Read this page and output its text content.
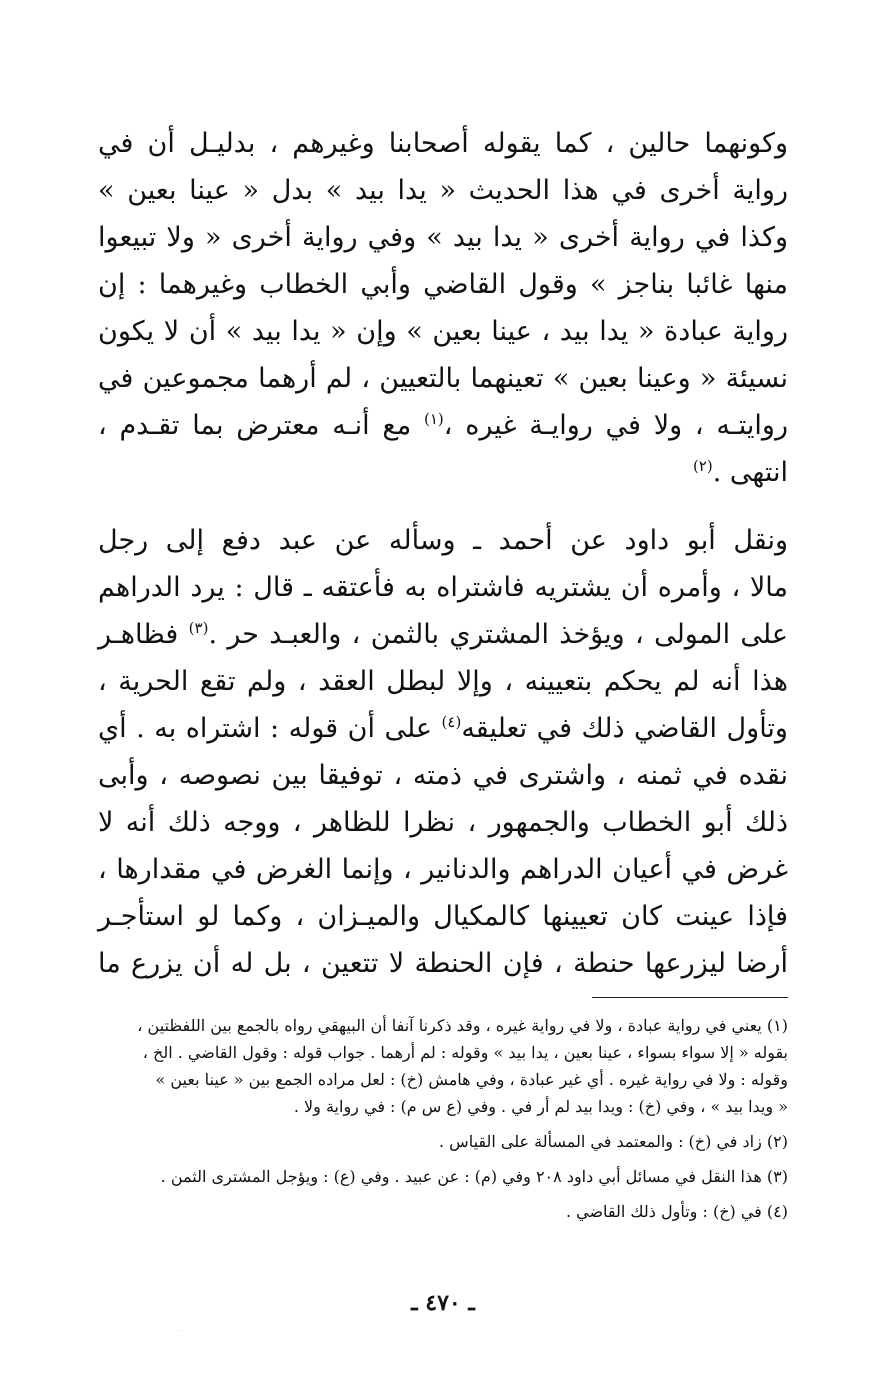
وكونهما حالين ، كما يقوله أصحابنا وغيرهم ، بدليـل أن في
رواية أخرى في هذا الحديث « يدا بيد » بدل « عينا بعين »
وكذا في رواية أخرى « يدا بيد » وفي رواية أخرى « ولا تبيعوا
منها غائبا بناجز » وقول القاضي وأبي الخطاب وغيرهما : إن
رواية عبادة « يدا بيد ، عينا بعين » وإن « يدا بيد » أن لا يكون
نسيئة « وعينا بعين » تعينهما بالتعيين ، لم أرهما مجموعين في
روايتـه ، ولا في روايـة غيره ،$^{(١)}$ مع أنـه معترض بما تقـدم ،
انتهى .$^{(٢)}$
ونقل أبو داود عن أحمد ـ وسأله عن عبد دفع إلى رجل
مالا ، وأمره أن يشتريه فاشتراه به فأعتقه ـ قال : يرد الدراهم
على المولى ، ويؤخذ المشتري بالثمن ، والعبـد حر .$^{(٣)}$ فظاهـر
هذا أنه لم يحكم بتعيينه ، وإلا لبطل العقد ، ولم تقع الحرية ،
وتأول القاضي ذلك في تعليقه$^{(٤)}$ على أن قوله : اشتراه به . أي
نقده في ثمنه ، واشترى في ذمته ، توفيقا بين نصوصه ، وأبى
ذلك أبو الخطاب والجمهور ، نظرا للظاهر ، ووجه ذلك أنه لا
غرض في أعيان الدراهم والدنانير ، وإنما الغرض في مقدارها ،
فإذا عينت كان تعيينها كالمكيال والميـزان ، وكما لو استأجـر
أرضا ليزرعها حنطة ، فإن الحنطة لا تتعين ، بل له أن يزرع ما
(١) يعني في رواية عبادة ، ولا في رواية غيره ، وقد ذكرنا آنفا أن البيهقي رواه بالجمع بين اللفظتين ،
بقوله « إلا سواء بسواء ، عينا بعين ، يدا بيد » وقوله : لم أرهما . جواب قوله : وقول القاضي . الخ ،
وقوله : ولا في رواية غيره . أي غير عبادة ، وفي هامش (خ) : لعل مراده الجمع بين « عينا بعين »
« ويدا بيد » ، وفي (خ) : ويدا بيد لم أر في . وفي (ع س م) : في رواية ولا .
(٢) زاد في (خ) : والمعتمد في المسألة على القياس .
(٣) هذا النقل في مسائل أبي داود ٢٠٨ وفي (م) : عن عبيد . وفي (ع) : ويؤجل المشترى الثمن .
(٤) في (خ) : وتأول ذلك القاضي .
ـ ٤٧٠ ـ
